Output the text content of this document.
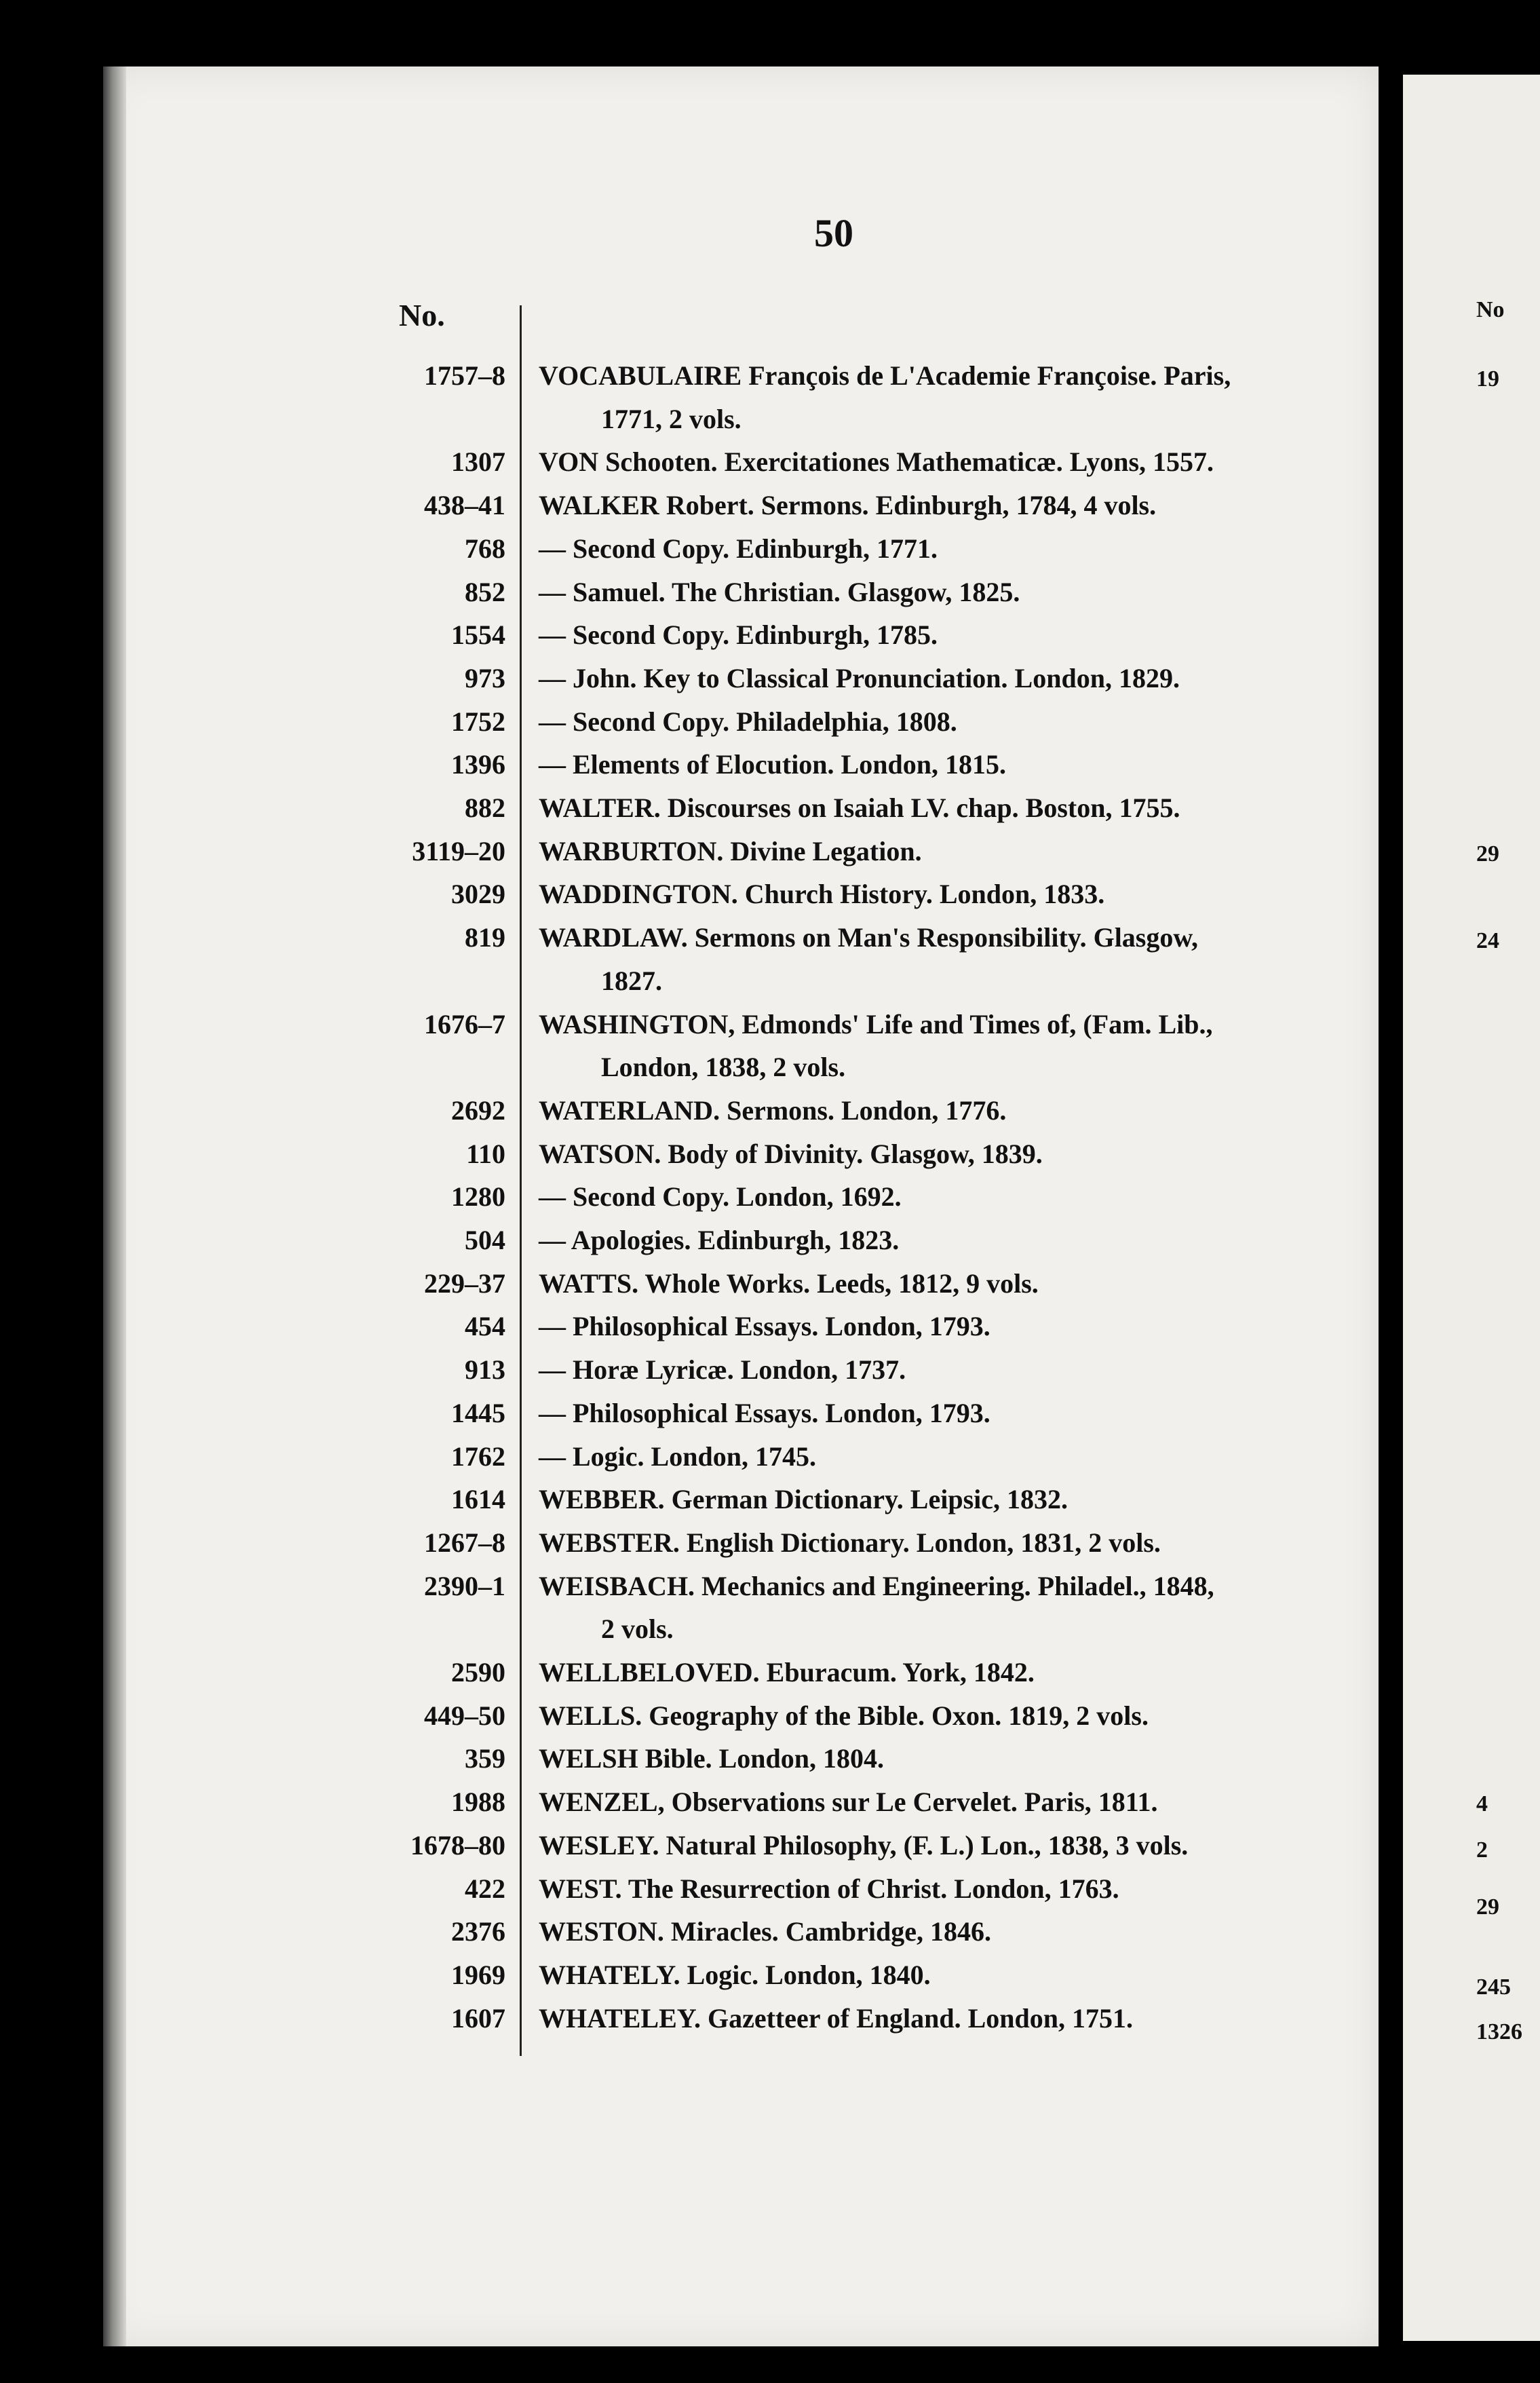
50
No.
1757–8 VOCABULAIRE François de L'Academie Françoise. Paris,
1771, 2 vols.
1307 VON Schooten. Exercitationes Mathematicæ. Lyons, 1557.
438–41 WALKER Robert. Sermons. Edinburgh, 1784, 4 vols.
768 — Second Copy. Edinburgh, 1771.
852 — Samuel. The Christian. Glasgow, 1825.
1554 — Second Copy. Edinburgh, 1785.
973 — John. Key to Classical Pronunciation. London, 1829.
1752 — Second Copy. Philadelphia, 1808.
1396 — Elements of Elocution. London, 1815.
882 WALTER. Discourses on Isaiah LV. chap. Boston, 1755.
3119–20 WARBURTON. Divine Legation.
3029 WADDINGTON. Church History. London, 1833.
819 WARDLAW. Sermons on Man's Responsibility. Glasgow,
1827.
1676–7 WASHINGTON, Edmonds' Life and Times of, (Fam. Lib.,
London, 1838, 2 vols.
2692 WATERLAND. Sermons. London, 1776.
110 WATSON. Body of Divinity. Glasgow, 1839.
1280 — Second Copy. London, 1692.
504 — Apologies. Edinburgh, 1823.
229–37 WATTS. Whole Works. Leeds, 1812, 9 vols.
454 — Philosophical Essays. London, 1793.
913 — Horæ Lyricæ. London, 1737.
1445 — Philosophical Essays. London, 1793.
1762 — Logic. London, 1745.
1614 WEBBER. German Dictionary. Leipsic, 1832.
1267–8 WEBSTER. English Dictionary. London, 1831, 2 vols.
2390–1 WEISBACH. Mechanics and Engineering. Philadel., 1848,
2 vols.
2590 WELLBELOVED. Eburacum. York, 1842.
449–50 WELLS. Geography of the Bible. Oxon. 1819, 2 vols.
359 WELSH Bible. London, 1804.
1988 WENZEL, Observations sur Le Cervelet. Paris, 1811.
1678–80 WESLEY. Natural Philosophy, (F. L.) Lon., 1838, 3 vols.
422 WEST. The Resurrection of Christ. London, 1763.
2376 WESTON. Miracles. Cambridge, 1846.
1969 WHATELY. Logic. London, 1840.
1607 WHATELEY. Gazetteer of England. London, 1751.
No
19
29
24
4
2
29
245
1326
